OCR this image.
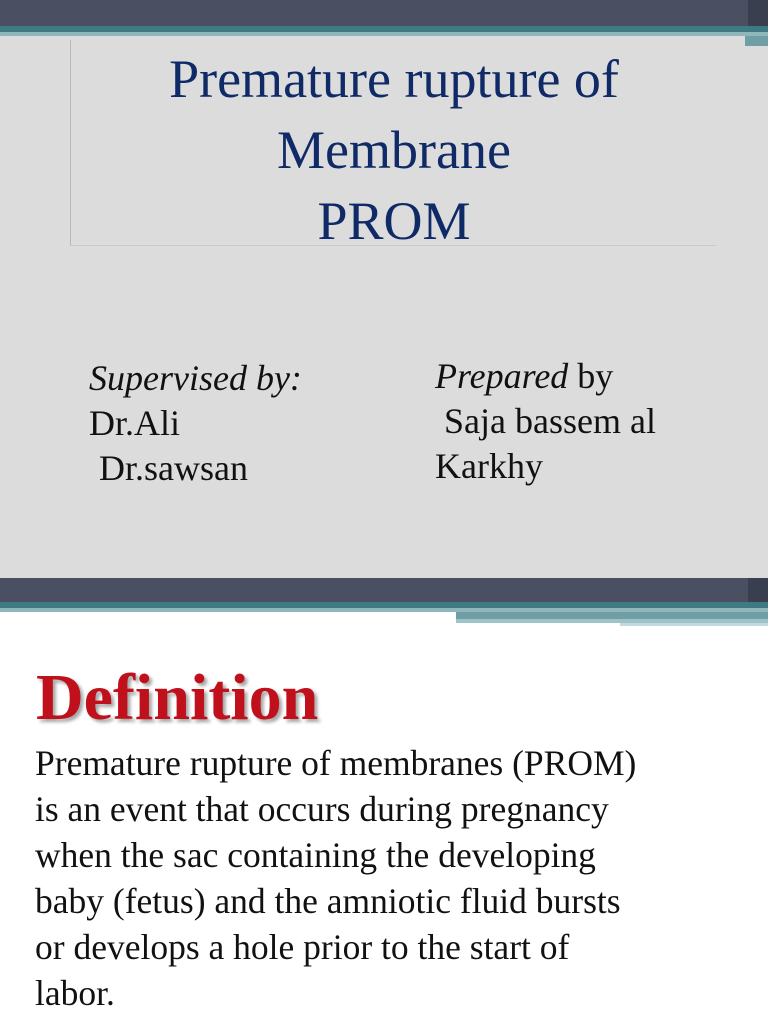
Premature rupture of
Membrane
PROM
Supervised by:
Dr.Ali
Dr.sawsan
Prepared by
Saja bassem al
Karkhy
Definition

Premature rupture of membranes (PROM)
is an event that occurs during pregnancy
when the sac containing the developing
baby (fetus) and the amniotic fluid bursts
or develops a hole prior to the start of
labor.
